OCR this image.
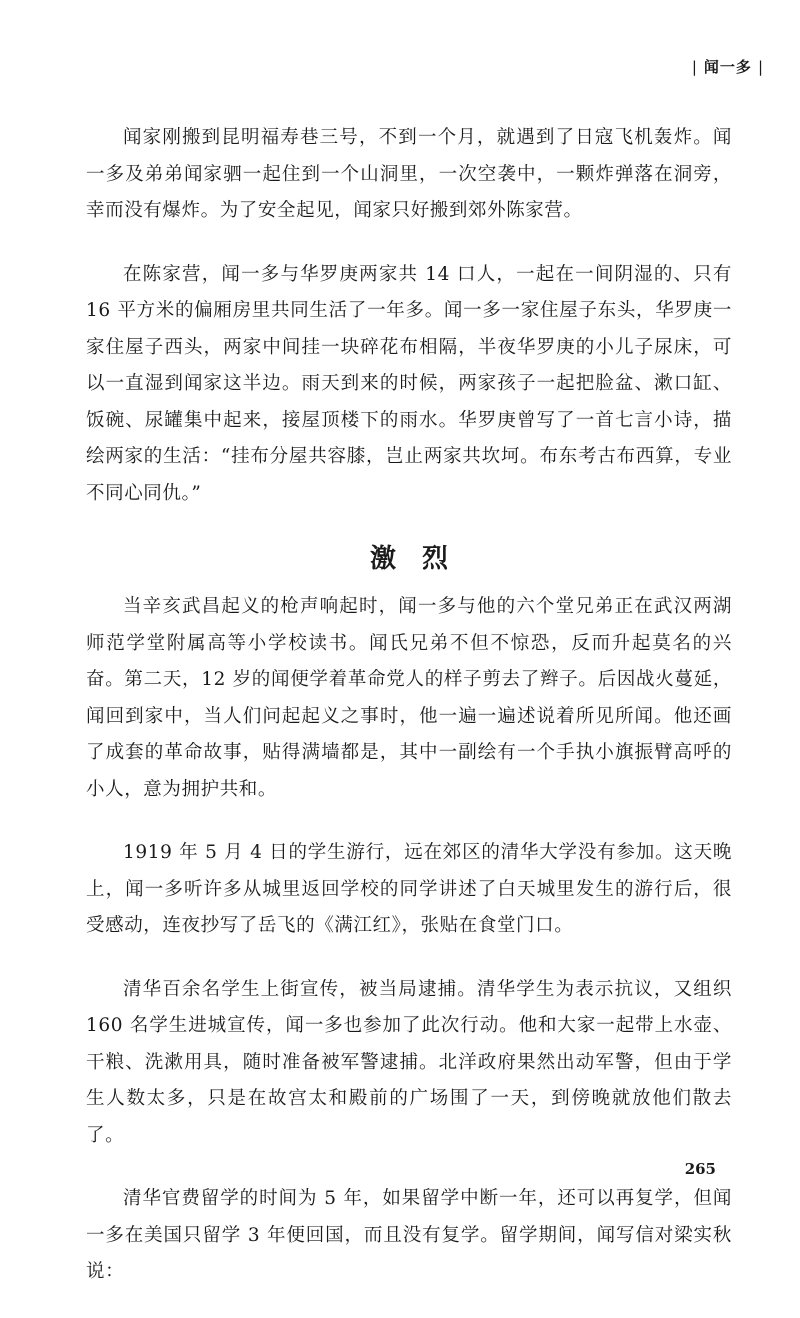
| 闻一多 |

闻家刚搬到昆明福寿巷三号，不到一个月，就遇到了日寇飞机轰炸。闻一多及弟弟闻家驷一起住到一个山洞里，一次空袭中，一颗炸弹落在洞旁，幸而没有爆炸。为了安全起见，闻家只好搬到郊外陈家营。

在陈家营，闻一多与华罗庚两家共 14 口人，一起在一间阴湿的、只有 16 平方米的偏厢房里共同生活了一年多。闻一多一家住屋子东头，华罗庚一家住屋子西头，两家中间挂一块碎花布相隔，半夜华罗庚的小儿子尿床，可以一直湿到闻家这半边。雨天到来的时候，两家孩子一起把脸盆、漱口缸、饭碗、尿罐集中起来，接屋顶楼下的雨水。华罗庚曾写了一首七言小诗，描绘两家的生活：“挂布分屋共容膝，岂止两家共坎坷。布东考古布西算，专业不同心同仇。”

激烈

当辛亥武昌起义的枪声响起时，闻一多与他的六个堂兄弟正在武汉两湖师范学堂附属高等小学校读书。闻氏兄弟不但不惊恐，反而升起莫名的兴奋。第二天，12 岁的闻便学着革命党人的样子剪去了辫子。后因战火蔓延，闻回到家中，当人们问起起义之事时，他一遍一遍述说着所见所闻。他还画了成套的革命故事，贴得满墙都是，其中一副绘有一个手执小旗振臂高呼的小人，意为拥护共和。

1919 年 5 月 4 日的学生游行，远在郊区的清华大学没有参加。这天晚上，闻一多听许多从城里返回学校的同学讲述了白天城里发生的游行后，很受感动，连夜抄写了岳飞的《满江红》，张贴在食堂门口。

清华百余名学生上街宣传，被当局逮捕。清华学生为表示抗议，又组织 160 名学生进城宣传，闻一多也参加了此次行动。他和大家一起带上水壶、干粮、洗漱用具，随时准备被军警逮捕。北洋政府果然出动军警，但由于学生人数太多，只是在故宫太和殿前的广场围了一天，到傍晚就放他们散去了。

清华官费留学的时间为 5 年，如果留学中断一年，还可以再复学，但闻一多在美国只留学 3 年便回国，而且没有复学。留学期间，闻写信对梁实秋说：

265
